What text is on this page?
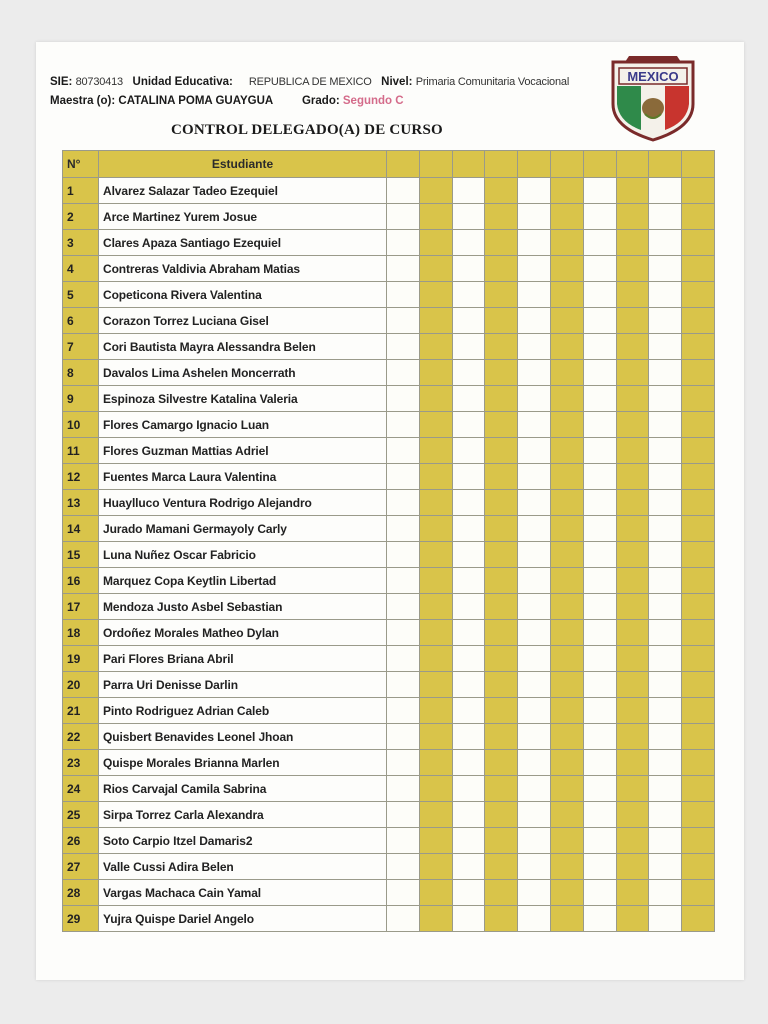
SIE: 80730413 Unidad Educativa: REPUBLICA DE MEXICO Nivel: Primaria Comunitaria Vocacional
Maestra (o): CATALINA POMA GUAYGUA	Grado: Segundo C
CONTROL DELEGADO(A) DE CURSO
MEXICO
N°	Estudiante										
1	Alvarez Salazar Tadeo Ezequiel										
2	Arce Martinez Yurem Josue										
3	Clares Apaza Santiago Ezequiel										
4	Contreras Valdivia Abraham Matias										
5	Copeticona Rivera Valentina										
6	Corazon Torrez Luciana Gisel										
7	Cori Bautista Mayra Alessandra Belen										
8	Davalos Lima Ashelen Moncerrath										
9	Espinoza Silvestre Katalina Valeria										
10	Flores Camargo Ignacio Luan										
11	Flores Guzman Mattias Adriel										
12	Fuentes Marca Laura Valentina										
13	Huaylluco Ventura Rodrigo Alejandro										
14	Jurado Mamani Germayoly Carly										
15	Luna Nuñez Oscar Fabricio										
16	Marquez Copa Keytlin Libertad										
17	Mendoza Justo Asbel Sebastian										
18	Ordoñez Morales Matheo Dylan										
19	Pari Flores Briana Abril										
20	Parra Uri Denisse Darlin										
21	Pinto Rodriguez Adrian Caleb										
22	Quisbert Benavides Leonel Jhoan										
23	Quispe Morales Brianna Marlen										
24	Rios Carvajal Camila Sabrina										
25	Sirpa Torrez Carla Alexandra										
26	Soto Carpio Itzel Damaris2										
27	Valle Cussi Adira Belen										
28	Vargas Machaca Cain Yamal										
29	Yujra Quispe Dariel Angelo										
